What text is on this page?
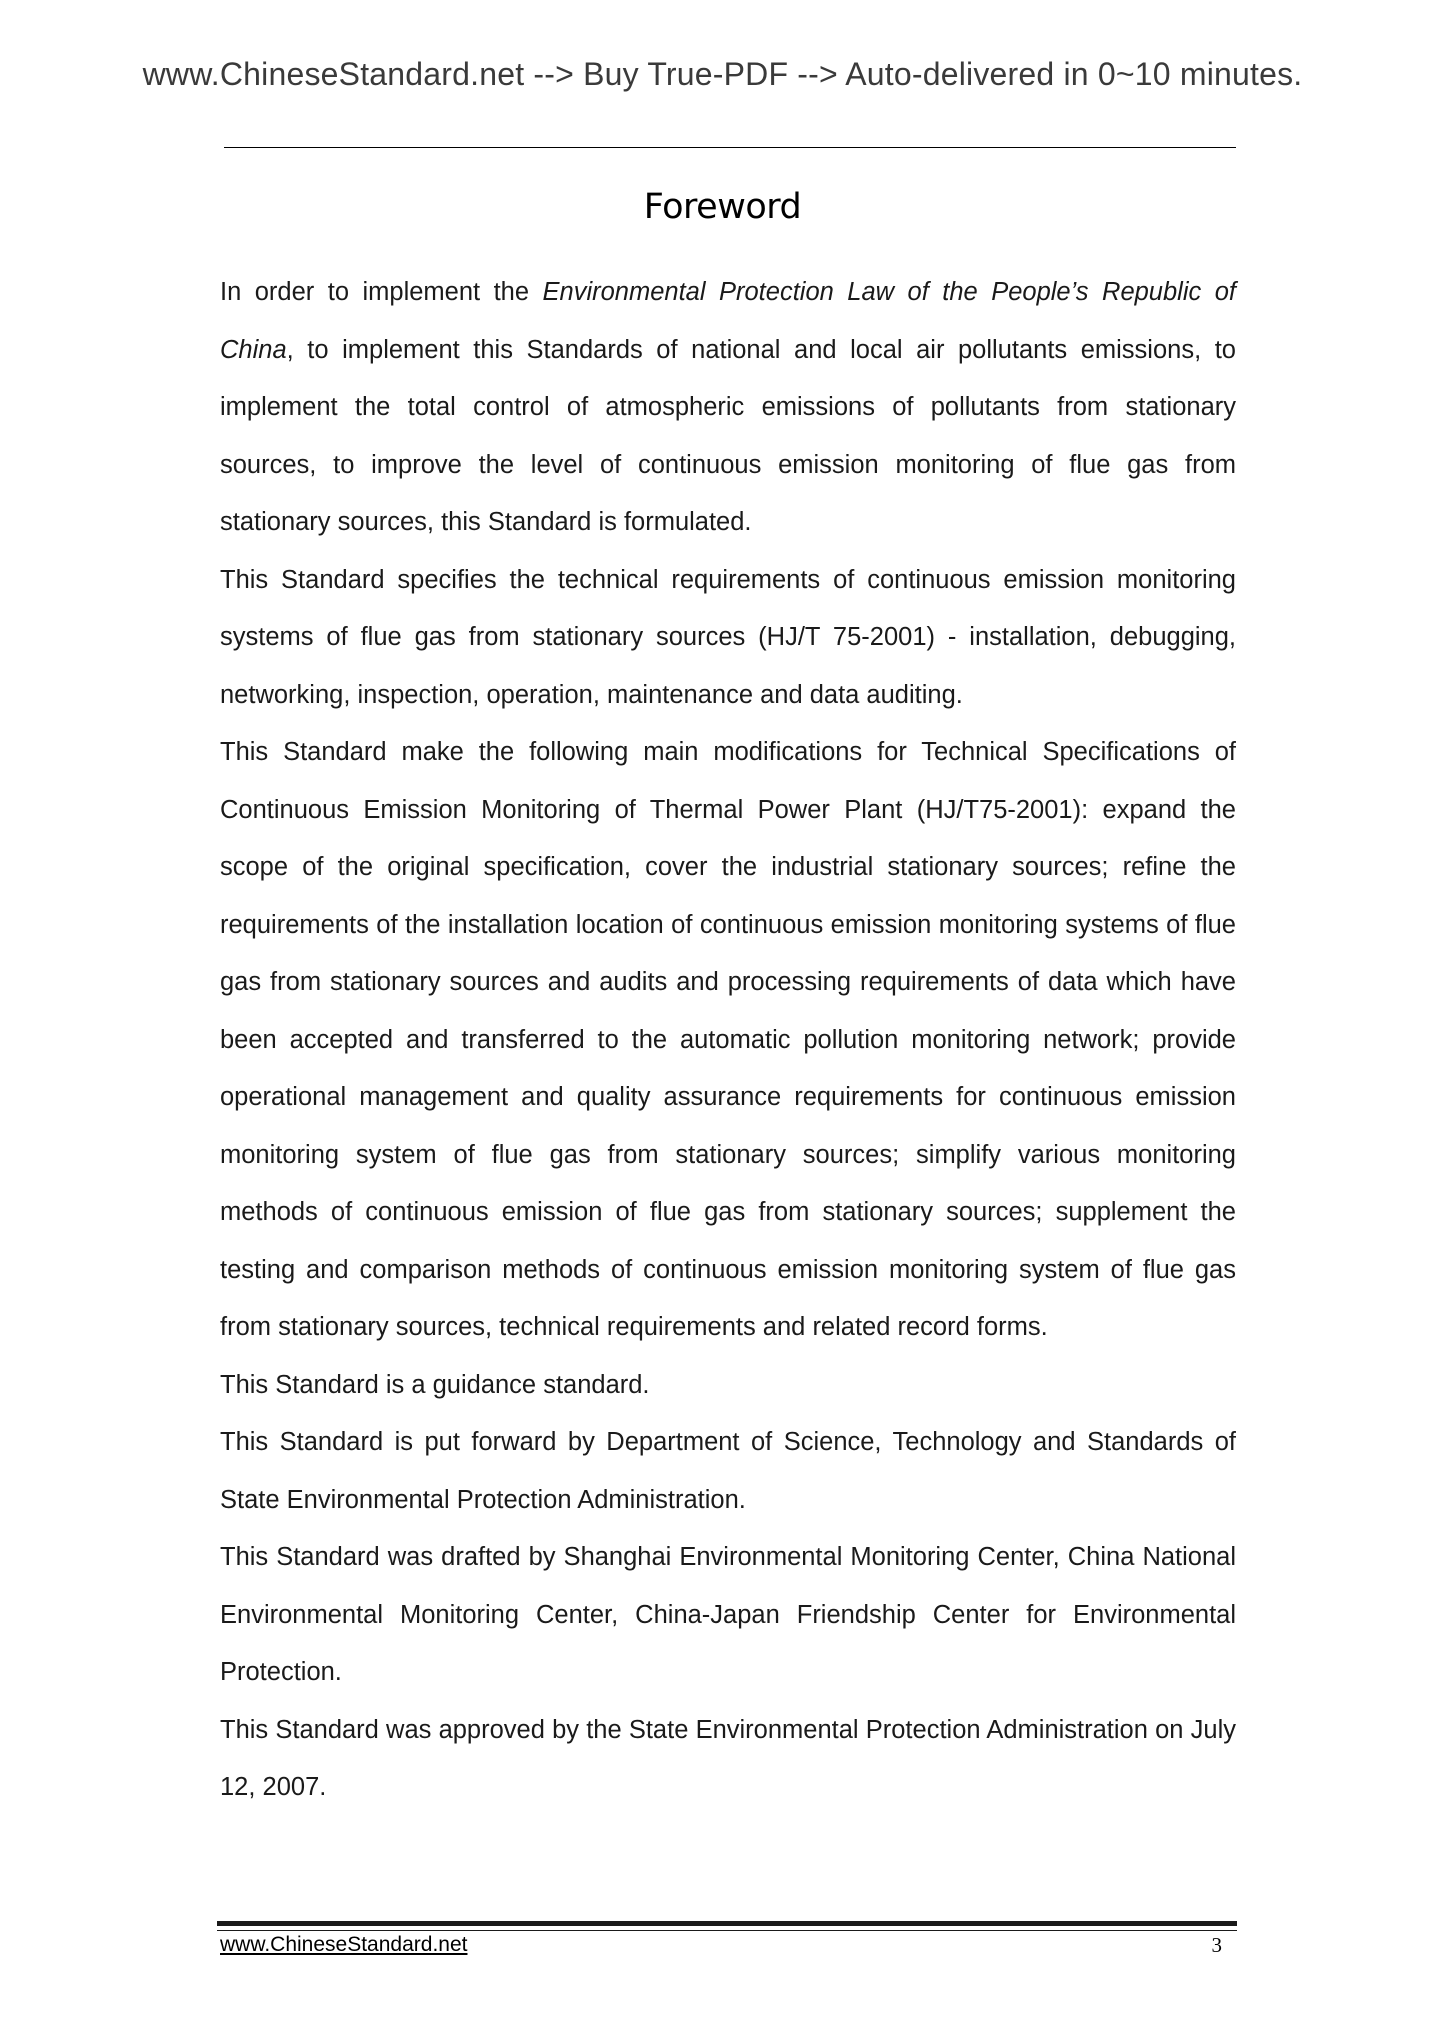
www.ChineseStandard.net --> Buy True-PDF --> Auto-delivered in 0~10 minutes.
Foreword

In order to implement the Environmental Protection Law of the People’s Republic of China, to implement this Standards of national and local air pollutants emissions, to implement the total control of atmospheric emissions of pollutants from stationary sources, to improve the level of continuous emission monitoring of flue gas from stationary sources, this Standard is formulated.

This Standard specifies the technical requirements of continuous emission monitoring systems of flue gas from stationary sources (HJ/T 75-2001) - installation, debugging, networking, inspection, operation, maintenance and data auditing.

This Standard make the following main modifications for Technical Specifications of Continuous Emission Monitoring of Thermal Power Plant (HJ/T75-2001): expand the scope of the original specification, cover the industrial stationary sources; refine the requirements of the installation location of continuous emission monitoring systems of flue gas from stationary sources and audits and processing requirements of data which have been accepted and transferred to the automatic pollution monitoring network; provide operational management and quality assurance requirements for continuous emission monitoring system of flue gas from stationary sources; simplify various monitoring methods of continuous emission of flue gas from stationary sources; supplement the testing and comparison methods of continuous emission monitoring system of flue gas from stationary sources, technical requirements and related record forms.

This Standard is a guidance standard.

This Standard is put forward by Department of Science, Technology and Standards of State Environmental Protection Administration.

This Standard was drafted by Shanghai Environmental Monitoring Center, China National Environmental Monitoring Center, China-Japan Friendship Center for Environmental Protection.

This Standard was approved by the State Environmental Protection Administration on July 12, 2007.

www.ChineseStandard.net	3
